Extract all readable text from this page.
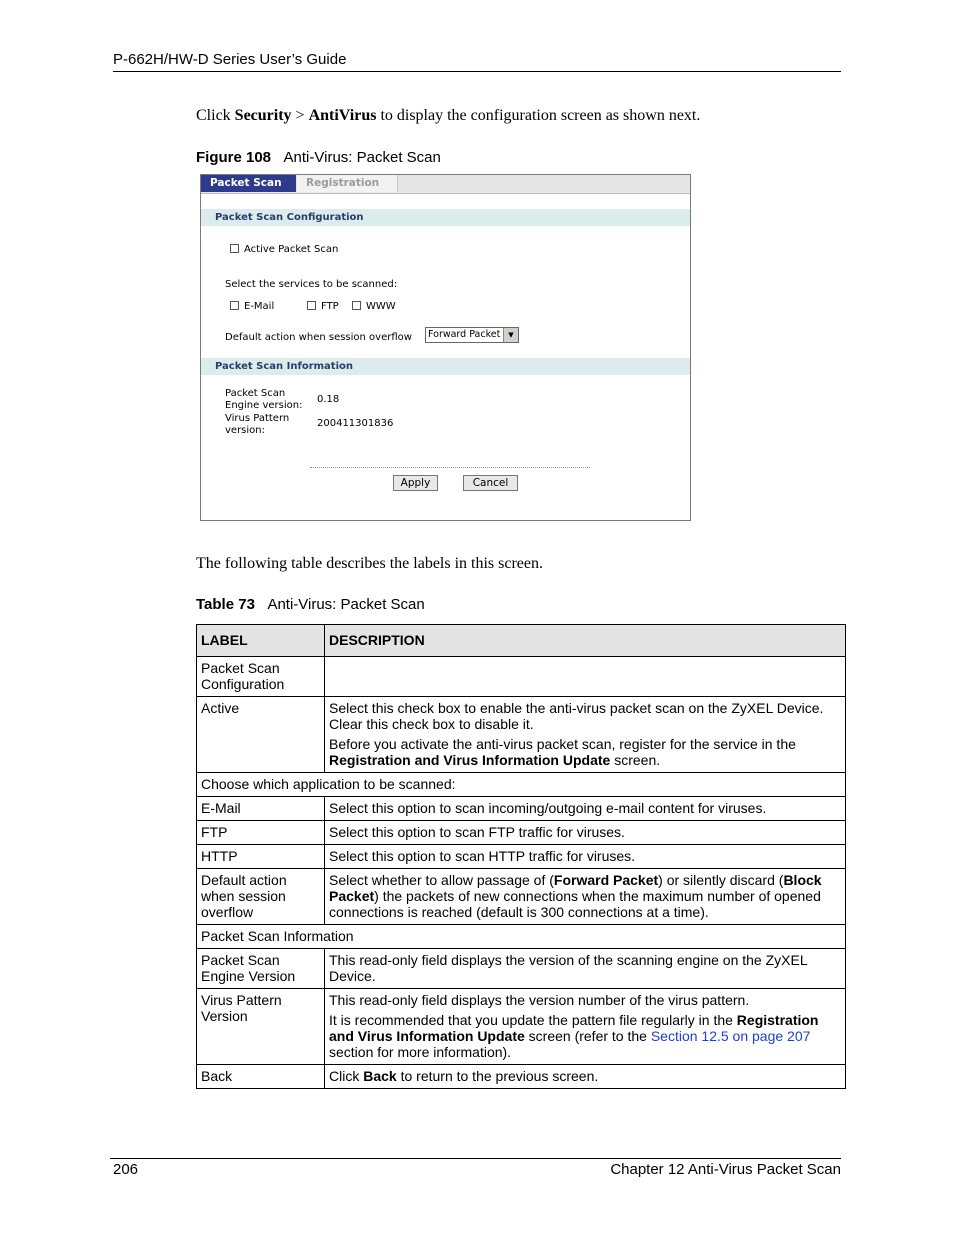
P-662H/HW-D Series User’s Guide
Click Security > AntiVirus to display the configuration screen as shown next.
Figure 108 Anti-Virus: Packet Scan
Packet Scan	Registration
Packet Scan Configuration
Active Packet Scan
Select the services to be scanned:
E-Mail	FTP	WWW
Default action when session overflow Forward Packet	▼
Packet Scan Information
Packet Scan
Engine version:
0.18
Virus Pattern
version:
200411301836
Apply	Cancel
The following table describes the labels in this screen.
Table 73 Anti-Virus: Packet Scan
LABEL	DESCRIPTION
Packet Scan Configuration	
Active	Select this check box to enable the anti-virus packet scan on the ZyXEL Device. Clear this check box to disable it.

Before you activate the anti-virus packet scan, register for the service in the Registration and Virus Information Update screen.

Choose which application to be scanned:	
E-Mail	Select this option to scan incoming/outgoing e-mail content for viruses.
FTP	Select this option to scan FTP traffic for viruses.
HTTP	Select this option to scan HTTP traffic for viruses.
Default action when session overflow	Select whether to allow passage of (Forward Packet) or silently discard (Block Packet) the packets of new connections when the maximum number of opened connections is reached (default is 300 connections at a time).
Packet Scan Information	
Packet Scan Engine Version	This read-only field displays the version of the scanning engine on the ZyXEL Device.
Virus Pattern Version	This read-only field displays the version number of the virus pattern.

It is recommended that you update the pattern file regularly in the Registration and Virus Information Update screen (refer to the Section 12.5 on page 207 section for more information).

Back	Click Back to return to the previous screen.
206	Chapter 12 Anti-Virus Packet Scan
